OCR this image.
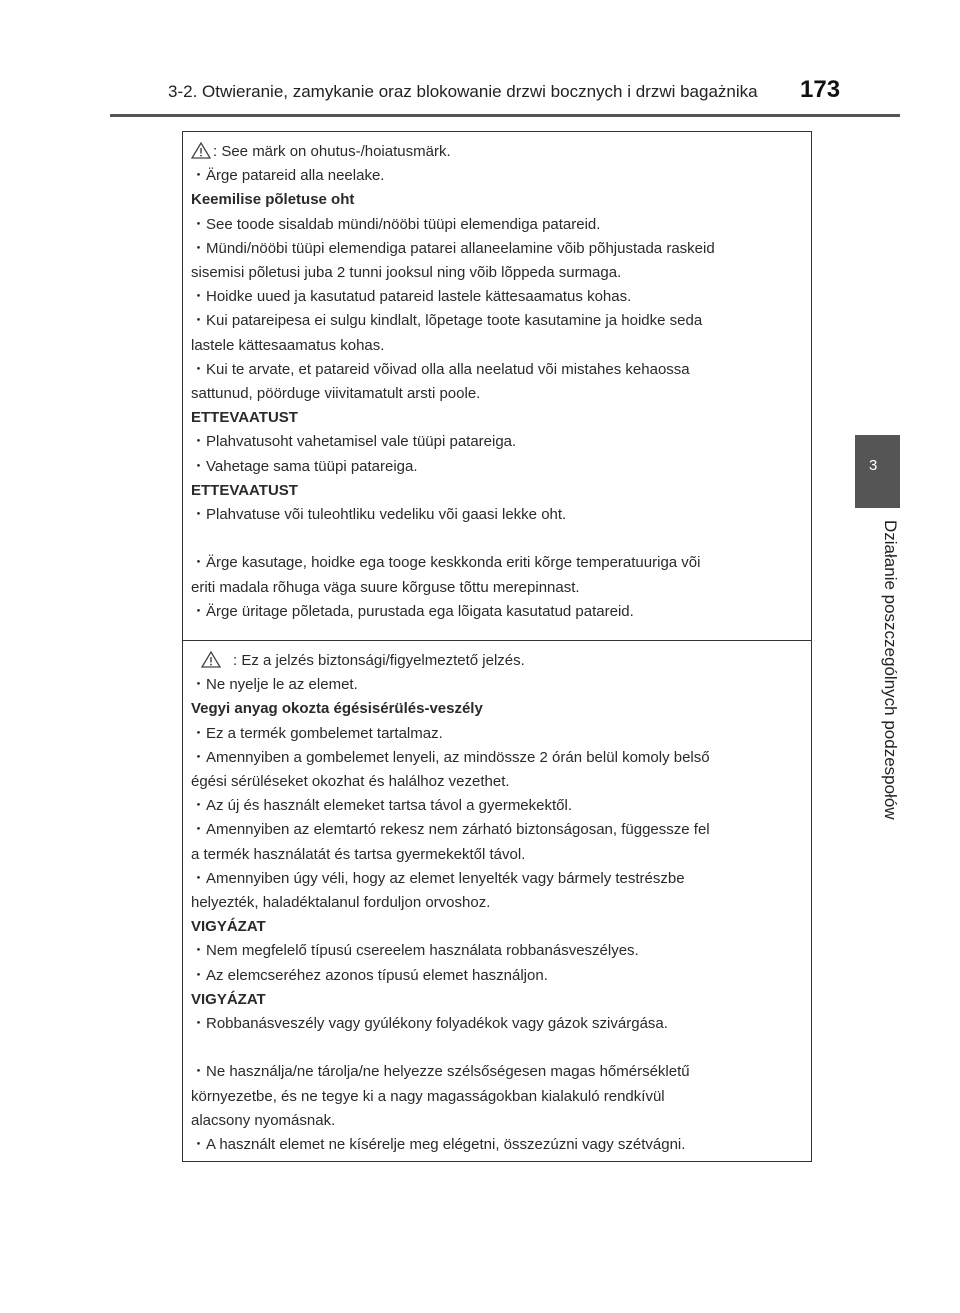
3-2. Otwieranie, zamykanie oraz blokowanie drzwi bocznych i drzwi bagażnika 173
3
Działanie poszczególnych podzespołów
: See märk on ohutus-/hoiatusmärk.
・Ärge patareid alla neelake.
Keemilise põletuse oht
・See toode sisaldab mündi/nööbi tüüpi elemendiga patareid.
・Mündi/nööbi tüüpi elemendiga patarei allaneelamine võib põhjustada raskeid
sisemisi põletusi juba 2 tunni jooksul ning võib lõppeda surmaga.
・Hoidke uued ja kasutatud patareid lastele kättesaamatus kohas.
・Kui patareipesa ei sulgu kindlalt, lõpetage toote kasutamine ja hoidke seda
lastele kättesaamatus kohas.
・Kui te arvate, et patareid võivad olla alla neelatud või mistahes kehaossa
sattunud, pöörduge viivitamatult arsti poole.
ETTEVAATUST
・Plahvatusoht vahetamisel vale tüüpi patareiga.
・Vahetage sama tüüpi patareiga.
ETTEVAATUST
・Plahvatuse või tuleohtliku vedeliku või gaasi lekke oht.
・Ärge kasutage, hoidke ega tooge keskkonda eriti kõrge temperatuuriga või
eriti madala rõhuga väga suure kõrguse tõttu merepinnast.
・Ärge üritage põletada, purustada ega lõigata kasutatud patareid.
: Ez a jelzés biztonsági/figyelmeztető jelzés.
・Ne nyelje le az elemet.
Vegyi anyag okozta égésisérülés-veszély
・Ez a termék gombelemet tartalmaz.
・Amennyiben a gombelemet lenyeli, az mindössze 2 órán belül komoly belső
égési sérüléseket okozhat és halálhoz vezethet.
・Az új és használt elemeket tartsa távol a gyermekektől.
・Amennyiben az elemtartó rekesz nem zárható biztonságosan, függessze fel
a termék használatát és tartsa gyermekektől távol.
・Amennyiben úgy véli, hogy az elemet lenyelték vagy bármely testrészbe
helyezték, haladéktalanul forduljon orvoshoz.
VIGYÁZAT
・Nem megfelelő típusú csereelem használata robbanásveszélyes.
・Az elemcseréhez azonos típusú elemet használjon.
VIGYÁZAT
・Robbanásveszély vagy gyúlékony folyadékok vagy gázok szivárgása.
・Ne használja/ne tárolja/ne helyezze szélsőségesen magas hőmérsékletű
környezetbe, és ne tegye ki a nagy magasságokban kialakuló rendkívül
alacsony nyomásnak.
・A használt elemet ne kísérelje meg elégetni, összezúzni vagy szétvágni.
